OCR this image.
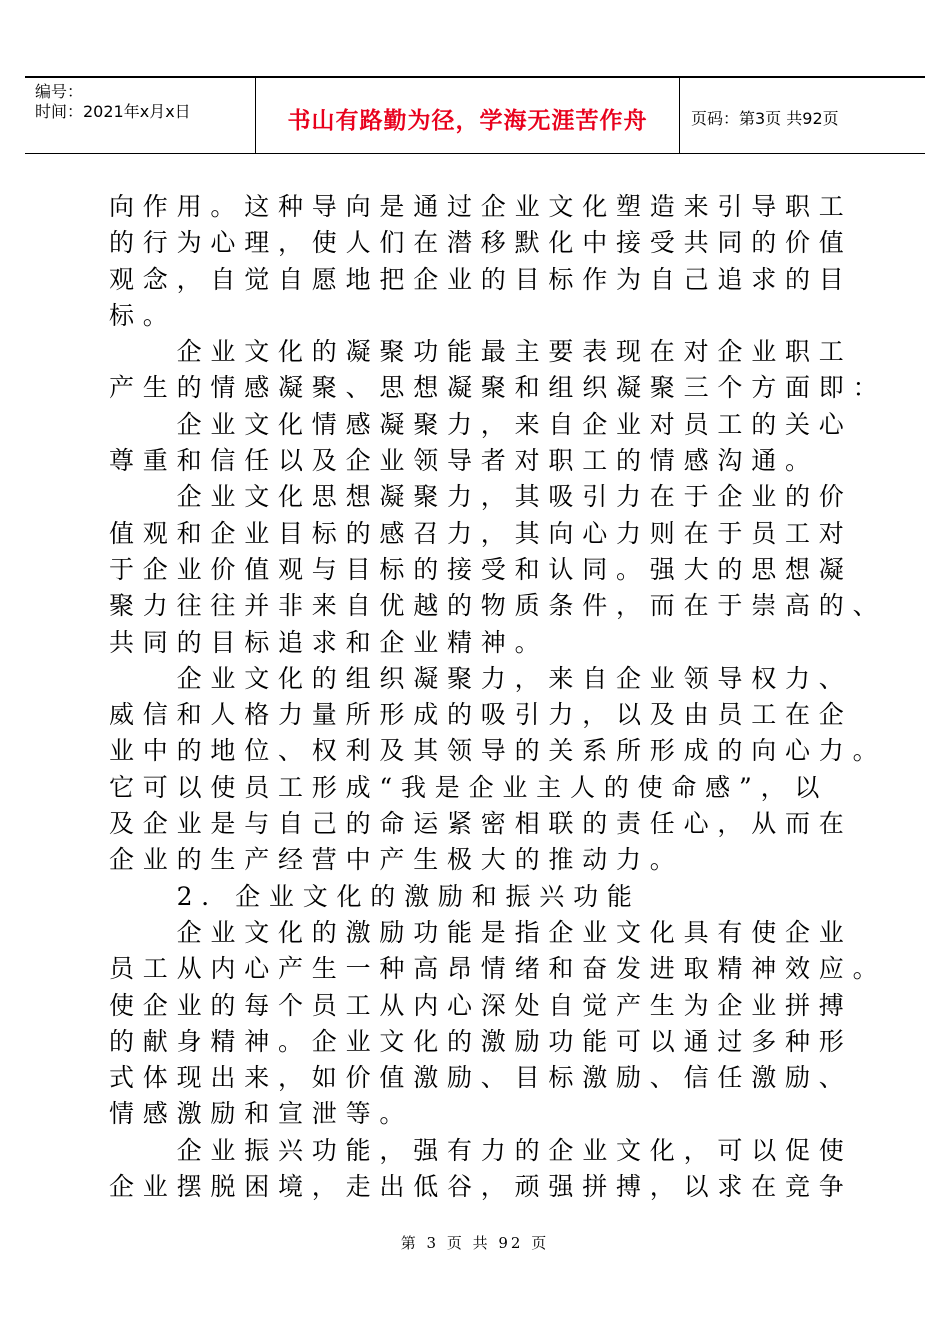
编号：
时间：2021年x月x日	书山有路勤为径，学海无涯苦作舟	页码：第3页 共92页

向作用。这种导向是通过企业文化塑造来引导职工

的行为心理，使人们在潜移默化中接受共同的价值

观念，自觉自愿地把企业的目标作为自己追求的目

标。

　　企业文化的凝聚功能最主要表现在对企业职工

产生的情感凝聚、思想凝聚和组织凝聚三个方面即：

　　企业文化情感凝聚力，来自企业对员工的关心

尊重和信任以及企业领导者对职工的情感沟通。

　　企业文化思想凝聚力，其吸引力在于企业的价

值观和企业目标的感召力，其向心力则在于员工对

于企业价值观与目标的接受和认同。强大的思想凝

聚力往往并非来自优越的物质条件，而在于崇高的、

共同的目标追求和企业精神。

　　企业文化的组织凝聚力，来自企业领导权力、

威信和人格力量所形成的吸引力，以及由员工在企

业中的地位、权利及其领导的关系所形成的向心力。

它可以使员工形成“我是企业主人的使命感”，以

及企业是与自己的命运紧密相联的责任心，从而在

企业的生产经营中产生极大的推动力。

　　2．企业文化的激励和振兴功能

　　企业文化的激励功能是指企业文化具有使企业

员工从内心产生一种高昂情绪和奋发进取精神效应。

使企业的每个员工从内心深处自觉产生为企业拼搏

的献身精神。企业文化的激励功能可以通过多种形

式体现出来，如价值激励、目标激励、信任激励、

情感激励和宣泄等。

　　企业振兴功能，强有力的企业文化，可以促使

企业摆脱困境，走出低谷，顽强拼搏，以求在竞争

第 3 页 共 92 页
